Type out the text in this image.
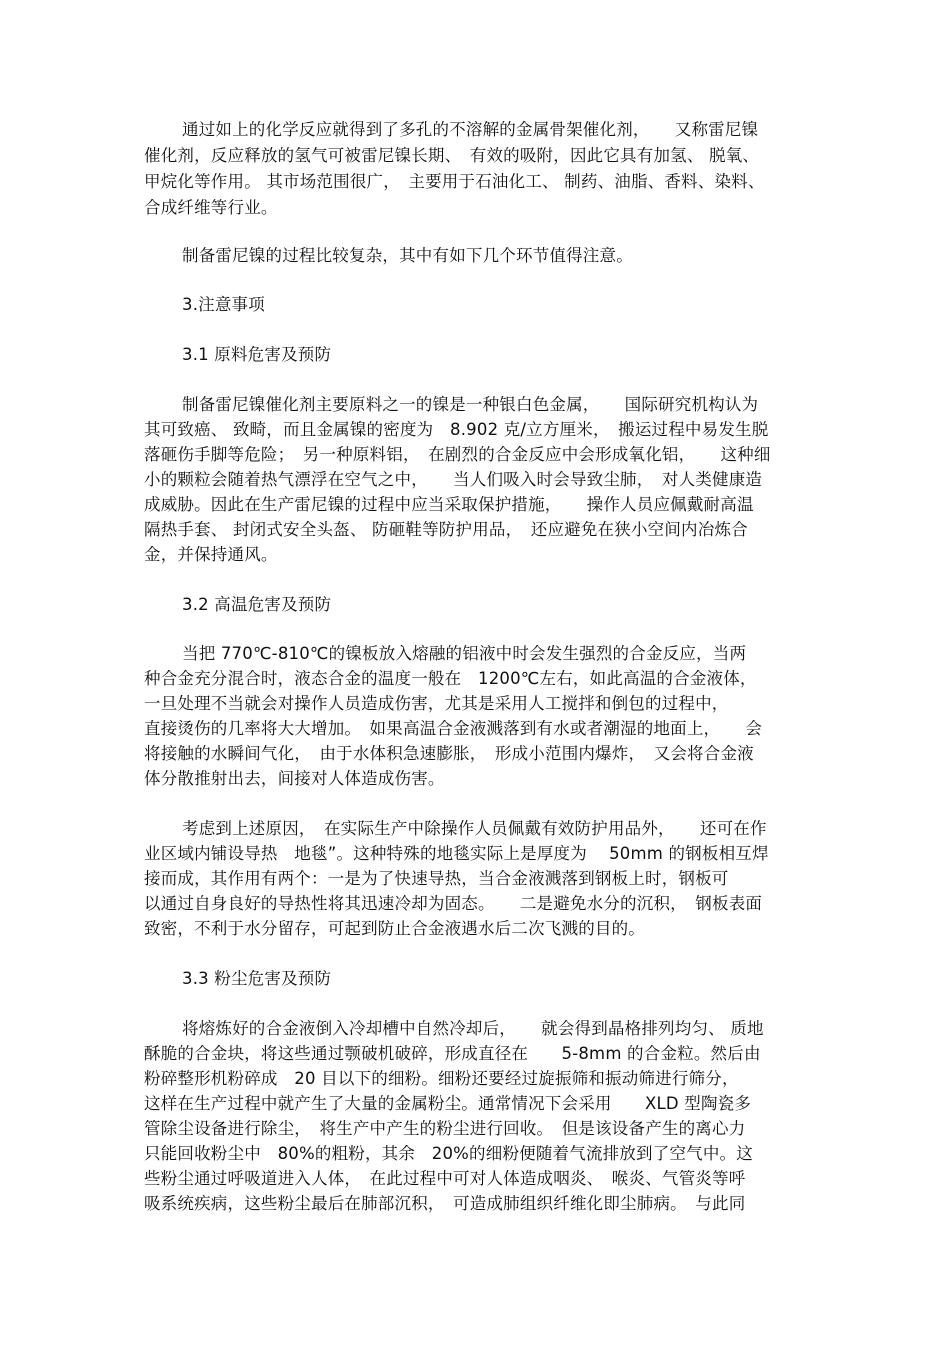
通过如上的化学反应就得到了多孔的不溶解的金属骨架催化剂，　　又称雷尼镍
催化剂，反应释放的氢气可被雷尼镍长期、　有效的吸附，因此它具有加氢、 脱氧、
甲烷化等作用。 其市场范围很广，　主要用于石油化工、 制药、油脂、香料、染料、
合成纤维等行业。
制备雷尼镍的过程比较复杂，其中有如下几个环节值得注意。
3.注意事项
3.1 原料危害及预防
制备雷尼镍催化剂主要原料之一的镍是一种银白色金属，　　国际研究机构认为
其可致癌、 致畸，而且金属镍的密度为　8.902 克/立方厘米，　搬运过程中易发生脱
落砸伤手脚等危险；　另一种原料铝，　在剧烈的合金反应中会形成氧化铝，　　这种细
小的颗粒会随着热气漂浮在空气之中，　　当人们吸入时会导致尘肺，　对人类健康造
成威胁。因此在生产雷尼镍的过程中应当采取保护措施，　　操作人员应佩戴耐高温
隔热手套、 封闭式安全头盔、 防砸鞋等防护用品，　还应避免在狭小空间内冶炼合
金，并保持通风。
3.2 高温危害及预防
当把 770℃-810℃的镍板放入熔融的铝液中时会发生强烈的合金反应，当两
种合金充分混合时，液态合金的温度一般在　1200℃左右，如此高温的合金液体，
一旦处理不当就会对操作人员造成伤害，尤其是采用人工搅拌和倒包的过程中，
直接烫伤的几率将大大增加。　如果高温合金液溅落到有水或者潮湿的地面上，　　会
将接触的水瞬间气化，　由于水体积急速膨胀，　形成小范围内爆炸，　又会将合金液
体分散推射出去，间接对人体造成伤害。
考虑到上述原因，　在实际生产中除操作人员佩戴有效防护用品外，　　还可在作
业区域内铺设导热　地毯”。这种特殊的地毯实际上是厚度为　 50mm 的钢板相互焊
接而成，其作用有两个：一是为了快速导热，当合金液溅落到钢板上时，钢板可
以通过自身良好的导热性将其迅速冷却为固态。　　二是避免水分的沉积，　钢板表面
致密，不利于水分留存，可起到防止合金液遇水后二次飞溅的目的。
3.3 粉尘危害及预防
将熔炼好的合金液倒入冷却槽中自然冷却后，　　就会得到晶格排列均匀、 质地
酥脆的合金块，将这些通过颚破机破碎，形成直径在　　5-8mm 的合金粒。然后由
粉碎整形机粉碎成　20 目以下的细粉。细粉还要经过旋振筛和振动筛进行筛分，
这样在生产过程中就产生了大量的金属粉尘。通常情况下会采用　　XLD 型陶瓷多
管除尘设备进行除尘，　将生产中产生的粉尘进行回收。　但是该设备产生的离心力
只能回收粉尘中　80%的粗粉，其余　20%的细粉便随着气流排放到了空气中。这
些粉尘通过呼吸道进入人体，　在此过程中可对人体造成咽炎、　喉炎、气管炎等呼
吸系统疾病，这些粉尘最后在肺部沉积，　可造成肺组织纤维化即尘肺病。　与此同
